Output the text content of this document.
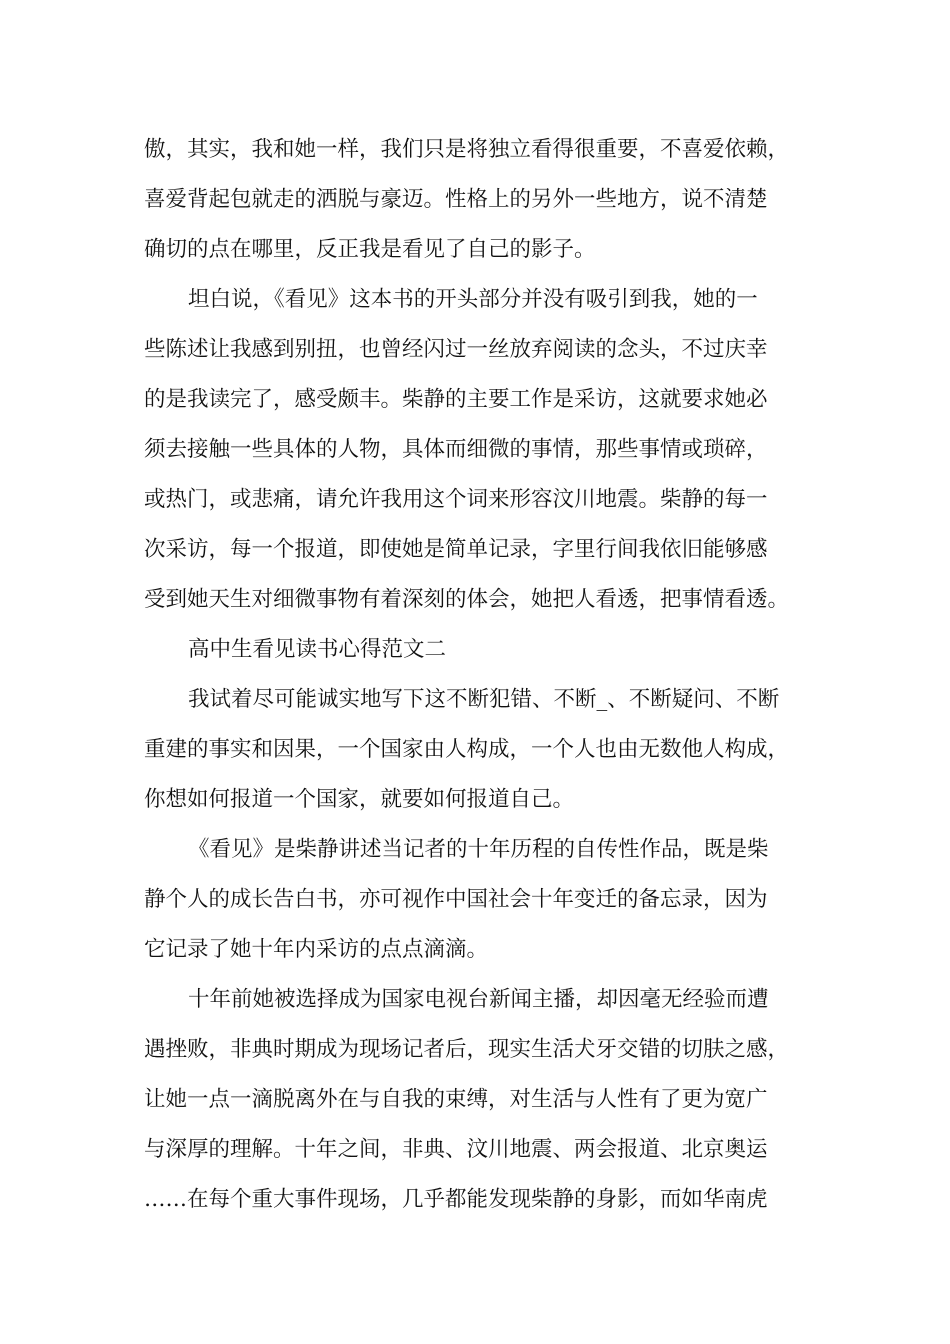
傲，其实，我和她一样，我们只是将独立看得很重要，不喜爱依赖，
喜爱背起包就走的洒脱与豪迈。性格上的另外一些地方，说不清楚
确切的点在哪里，反正我是看见了自己的影子。
坦白说，《看见》这本书的开头部分并没有吸引到我，她的一
些陈述让我感到别扭，也曾经闪过一丝放弃阅读的念头，不过庆幸
的是我读完了，感受颇丰。柴静的主要工作是采访，这就要求她必
须去接触一些具体的人物，具体而细微的事情，那些事情或琐碎，
或热门，或悲痛，请允许我用这个词来形容汶川地震。柴静的每一
次采访，每一个报道，即使她是简单记录，字里行间我依旧能够感
受到她天生对细微事物有着深刻的体会，她把人看透，把事情看透。
高中生看见读书心得范文二
我试着尽可能诚实地写下这不断犯错、不断_、不断疑问、不断
重建的事实和因果，一个国家由人构成，一个人也由无数他人构成，
你想如何报道一个国家，就要如何报道自己。
《看见》是柴静讲述当记者的十年历程的自传性作品，既是柴
静个人的成长告白书，亦可视作中国社会十年变迁的备忘录，因为
它记录了她十年内采访的点点滴滴。
十年前她被选择成为国家电视台新闻主播，却因毫无经验而遭
遇挫败，非典时期成为现场记者后，现实生活犬牙交错的切肤之感，
让她一点一滴脱离外在与自我的束缚，对生活与人性有了更为宽广
与深厚的理解。十年之间，非典、汶川地震、两会报道、北京奥运
……在每个重大事件现场，几乎都能发现柴静的身影，而如华南虎
